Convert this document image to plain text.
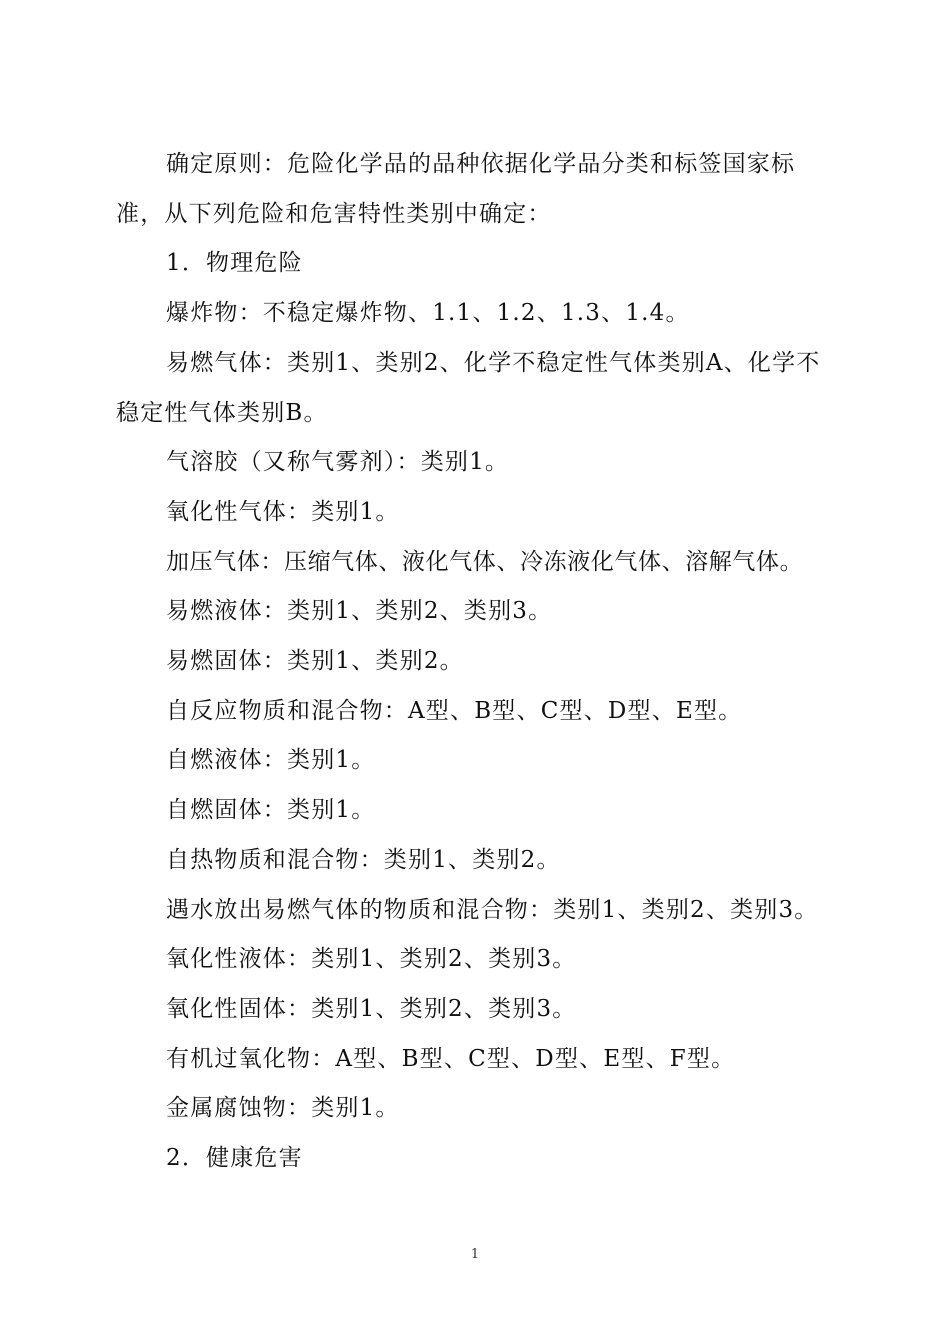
确定原则：危险化学品的品种依据化学品分类和标签国家标准，从下列危险和危害特性类别中确定：

1．物理危险

爆炸物：不稳定爆炸物、1.1、1.2、1.3、1.4。

易燃气体：类别1、类别2、化学不稳定性气体类别A、化学不稳定性气体类别B。

气溶胶（又称气雾剂）：类别1。

氧化性气体：类别1。

加压气体：压缩气体、液化气体、冷冻液化气体、溶解气体。

易燃液体：类别1、类别2、类别3。

易燃固体：类别1、类别2。

自反应物质和混合物：A型、B型、C型、D型、E型。

自燃液体：类别1。

自燃固体：类别1。

自热物质和混合物：类别1、类别2。

遇水放出易燃气体的物质和混合物：类别1、类别2、类别3。

氧化性液体：类别1、类别2、类别3。

氧化性固体：类别1、类别2、类别3。

有机过氧化物：A型、B型、C型、D型、E型、F型。

金属腐蚀物：类别1。

2．健康危害

1
